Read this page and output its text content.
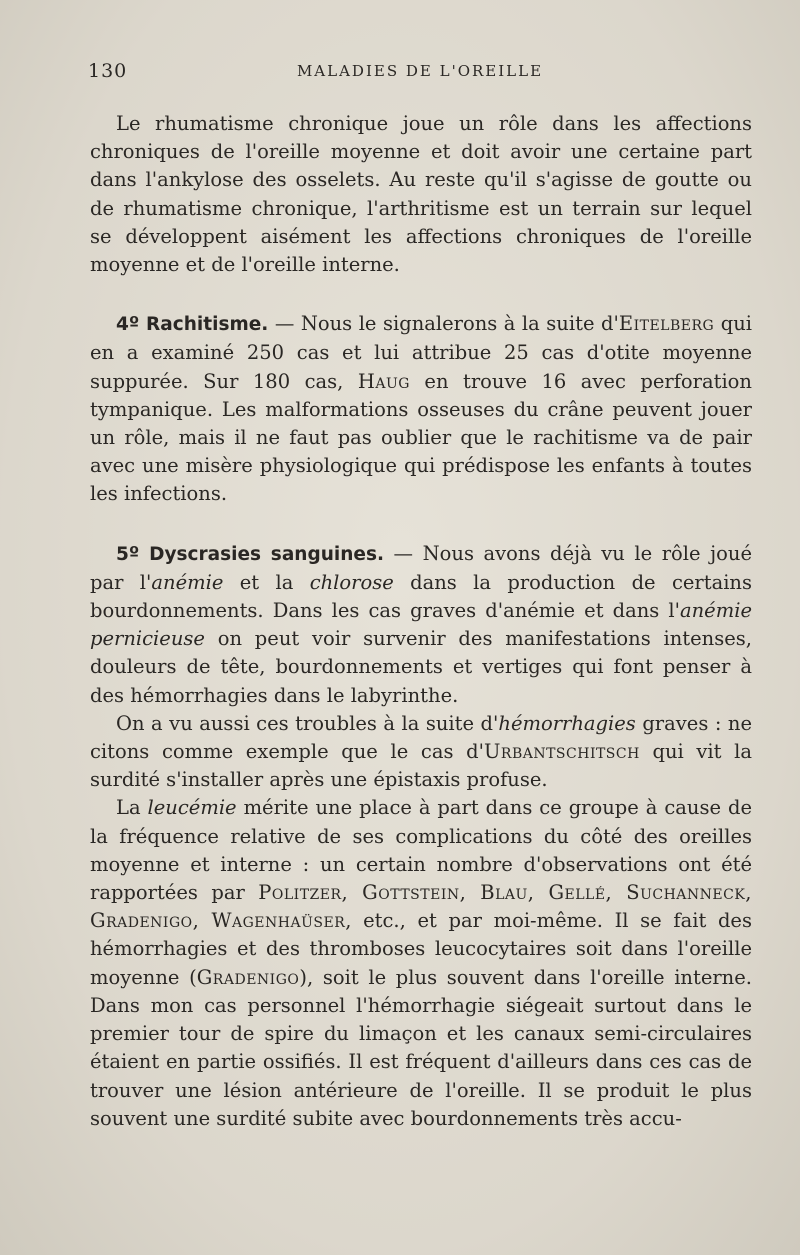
130	MALADIES DE L'OREILLE

Le rhumatisme chronique joue un rôle dans les affections chroniques de l'oreille moyenne et doit avoir une certaine part dans l'ankylose des osselets. Au reste qu'il s'agisse de goutte ou de rhumatisme chronique, l'arthritisme est un terrain sur lequel se développent aisément les affections chroniques de l'oreille moyenne et de l'oreille interne.

4º Rachitisme. — Nous le signalerons à la suite d'Eitelberg qui en a examiné 250 cas et lui attribue 25 cas d'otite moyenne suppurée. Sur 180 cas, Haug en trouve 16 avec perforation tympanique. Les malformations osseuses du crâne peuvent jouer un rôle, mais il ne faut pas oublier que le rachitisme va de pair avec une misère physiologique qui prédispose les enfants à toutes les infections.

5º Dyscrasies sanguines. — Nous avons déjà vu le rôle joué par l'anémie et la chlorose dans la production de certains bourdonnements. Dans les cas graves d'anémie et dans l'anémie pernicieuse on peut voir survenir des manifestations intenses, douleurs de tête, bourdonnements et vertiges qui font penser à des hémorrhagies dans le labyrinthe.

On a vu aussi ces troubles à la suite d'hémorrhagies graves : ne citons comme exemple que le cas d'Urbantschitsch qui vit la surdité s'installer après une épistaxis profuse.

La leucémie mérite une place à part dans ce groupe à cause de la fréquence relative de ses complications du côté des oreilles moyenne et interne : un certain nombre d'observations ont été rapportées par Politzer, Gottstein, Blau, Gellé, Suchanneck, Gradenigo, Wagenhaüser, etc., et par moi-même. Il se fait des hémorrhagies et des thromboses leucocytaires soit dans l'oreille moyenne (Gradenigo), soit le plus souvent dans l'oreille interne. Dans mon cas personnel l'hémorrhagie siégeait surtout dans le premier tour de spire du limaçon et les canaux semi-circulaires étaient en partie ossifiés. Il est fréquent d'ailleurs dans ces cas de trouver une lésion antérieure de l'oreille. Il se produit le plus souvent une surdité subite avec bourdonnements très accu-
